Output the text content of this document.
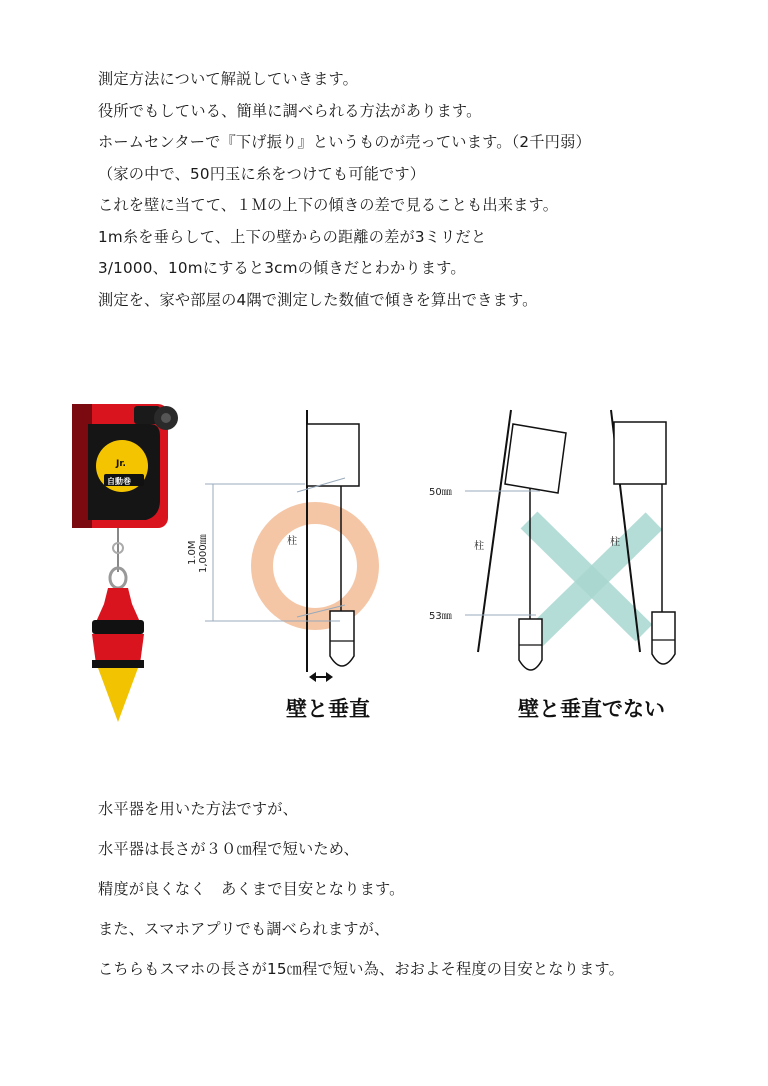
測定方法について解説していきます。

役所でもしている、簡単に調べられる方法があります。

ホームセンターで『下げ振り』というものが売っています。（2千円弱）

（家の中で、50円玉に糸をつけても可能です）

これを壁に当てて、１Ｍの上下の傾きの差で見ることも出来ます。

1m糸を垂らして、上下の壁からの距離の差が3ミリだと

3/1000、10mにすると3cmの傾きだとわかります。

測定を、家や部屋の4隅で測定した数値で傾きを算出できます。

Jr.
自動巻
1.0M 1,000㎜	柱
壁と垂直
50㎜
53㎜
柱	柱
壁と垂直でない

水平器を用いた方法ですが、

水平器は長さが３０㎝程で短いため、

精度が良くなく　あくまで目安となります。

また、スマホアプリでも調べられますが、

こちらもスマホの長さが15㎝程で短い為、おおよそ程度の目安となります。
